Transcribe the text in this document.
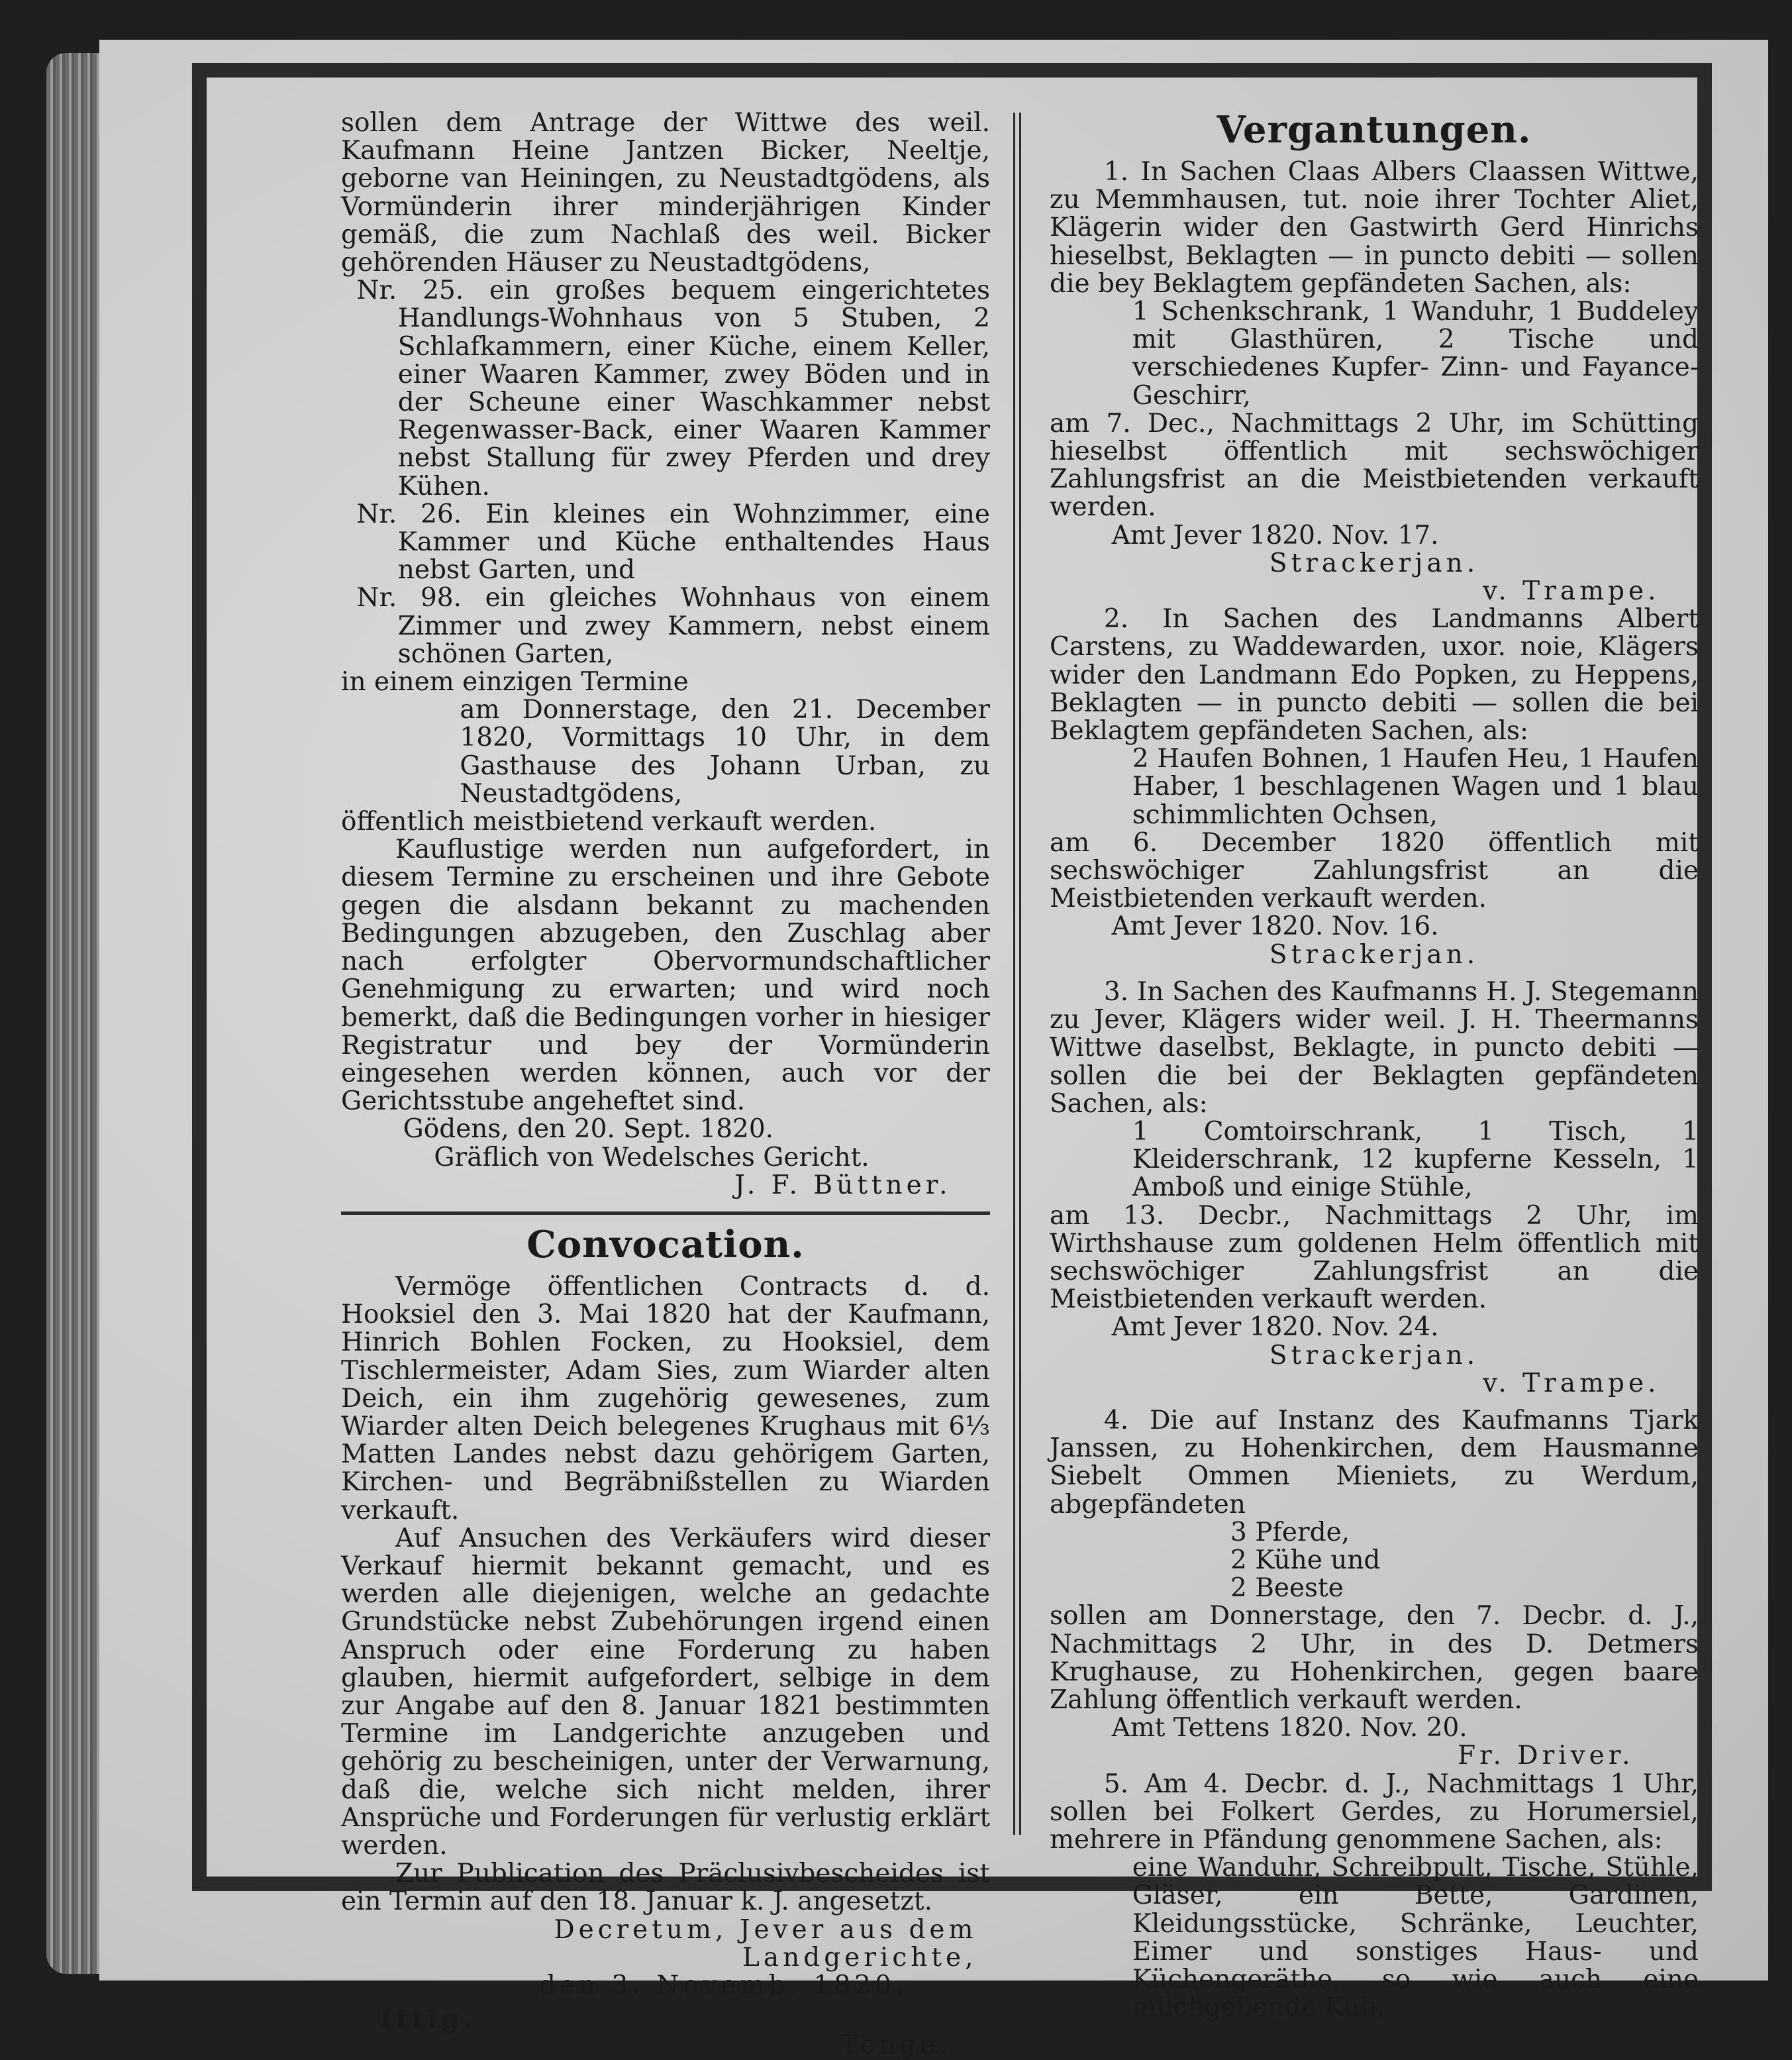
sollen dem Antrage der Wittwe des weil. Kaufmann Heine Jantzen Bicker, Neeltje, geborne van Heiningen, zu Neustadtgödens, als Vormünderin ihrer minderjährigen Kinder gemäß, die zum Nachlaß des weil. Bicker gehörenden Häuser zu Neustadtgödens,

Nr. 25. ein großes bequem eingerichtetes Handlungs-Wohnhaus von 5 Stuben, 2 Schlafkammern, einer Küche, einem Keller, einer Waaren Kammer, zwey Böden und in der Scheune einer Waschkammer nebst Regenwasser-Back, einer Waaren Kammer nebst Stallung für zwey Pferden und drey Kühen.

Nr. 26. Ein kleines ein Wohnzimmer, eine Kammer und Küche enthaltendes Haus nebst Garten, und

Nr. 98. ein gleiches Wohnhaus von einem Zimmer und zwey Kammern, nebst einem schönen Garten,

in einem einzigen Termine

am Donnerstage, den 21. December 1820, Vormittags 10 Uhr, in dem Gasthause des Johann Urban, zu Neustadtgödens,

öffentlich meistbietend verkauft werden.

Kauflustige werden nun aufgefordert, in diesem Termine zu erscheinen und ihre Gebote gegen die alsdann bekannt zu machenden Bedingungen abzugeben, den Zuschlag aber nach erfolgter Obervormundschaftlicher Genehmigung zu erwarten; und wird noch bemerkt, daß die Bedingungen vorher in hiesiger Registratur und bey der Vormünderin eingesehen werden können, auch vor der Gerichtsstube angeheftet sind.

Gödens, den 20. Sept. 1820.

Gräflich von Wedelsches Gericht.

J. F. Büttner.

Convocation.

Vermöge öffentlichen Contracts d. d. Hooksiel den 3. Mai 1820 hat der Kaufmann, Hinrich Bohlen Focken, zu Hooksiel, dem Tischlermeister, Adam Sies, zum Wiarder alten Deich, ein ihm zugehörig gewesenes, zum Wiarder alten Deich belegenes Krughaus mit 6⅓ Matten Landes nebst dazu gehörigem Garten, Kirchen- und Begräbnißstellen zu Wiarden verkauft.

Auf Ansuchen des Verkäufers wird dieser Verkauf hiermit bekannt gemacht, und es werden alle diejenigen, welche an gedachte Grundstücke nebst Zubehörungen irgend einen Anspruch oder eine Forderung zu haben glauben, hiermit aufgefordert, selbige in dem zur Angabe auf den 8. Januar 1821 bestimmten Termine im Landgerichte anzugeben und gehörig zu bescheinigen, unter der Verwarnung, daß die, welche sich nicht melden, ihrer Ansprüche und Forderungen für verlustig erklärt werden.

Zur Publication des Präclusivbescheides ist ein Termin auf den 18. Januar k. J. angesetzt.

Decretum, Jever aus dem Landgerichte,

den 3. Novemb. 1820.

Ittig.
Tenge.

Vergantungen.

1. In Sachen Claas Albers Claassen Wittwe, zu Memmhausen, tut. noie ihrer Tochter Aliet, Klägerin wider den Gastwirth Gerd Hinrichs hieselbst, Beklagten — in puncto debiti — sollen die bey Beklagtem gepfändeten Sachen, als:

1 Schenkschrank, 1 Wanduhr, 1 Buddeley mit Glasthüren, 2 Tische und verschiedenes Kupfer- Zinn- und Fayance-Geschirr,

am 7. Dec., Nachmittags 2 Uhr, im Schütting hieselbst öffentlich mit sechswöchiger Zahlungsfrist an die Meistbietenden verkauft werden.

Amt Jever 1820. Nov. 17.

Strackerjan.

v. Trampe.

2. In Sachen des Landmanns Albert Carstens, zu Waddewarden, uxor. noie, Klägers wider den Landmann Edo Popken, zu Heppens, Beklagten — in puncto debiti — sollen die bei Beklagtem gepfändeten Sachen, als:

2 Haufen Bohnen, 1 Haufen Heu, 1 Haufen Haber, 1 beschlagenen Wagen und 1 blau schimmlichten Ochsen,

am 6. December 1820 öffentlich mit sechswöchiger Zahlungsfrist an die Meistbietenden verkauft werden.

Amt Jever 1820. Nov. 16.

Strackerjan.

3. In Sachen des Kaufmanns H. J. Stegemann zu Jever, Klägers wider weil. J. H. Theermanns Wittwe daselbst, Beklagte, in puncto debiti — sollen die bei der Beklagten gepfändeten Sachen, als:

1 Comtoirschrank, 1 Tisch, 1 Kleiderschrank, 12 kupferne Kesseln, 1 Amboß und einige Stühle,

am 13. Decbr., Nachmittags 2 Uhr, im Wirthshause zum goldenen Helm öffentlich mit sechswöchiger Zahlungsfrist an die Meistbietenden verkauft werden.

Amt Jever 1820. Nov. 24.

Strackerjan.

v. Trampe.

4. Die auf Instanz des Kaufmanns Tjark Janssen, zu Hohenkirchen, dem Hausmanne Siebelt Ommen Mieniets, zu Werdum, abgepfändeten

3 Pferde,

2 Kühe und

2 Beeste

sollen am Donnerstage, den 7. Decbr. d. J., Nachmittags 2 Uhr, in des D. Detmers Krughause, zu Hohenkirchen, gegen baare Zahlung öffentlich verkauft werden.

Amt Tettens 1820. Nov. 20.

Fr. Driver.

5. Am 4. Decbr. d. J., Nachmittags 1 Uhr, sollen bei Folkert Gerdes, zu Horumersiel, mehrere in Pfändung genommene Sachen, als:

eine Wanduhr, Schreibpult, Tische, Stühle, Gläser, ein Bette, Gardinen, Kleidungsstücke, Schränke, Leuchter, Eimer und sonstiges Haus- und Küchengeräthe, so wie auch eine milchgebende Kuh,
